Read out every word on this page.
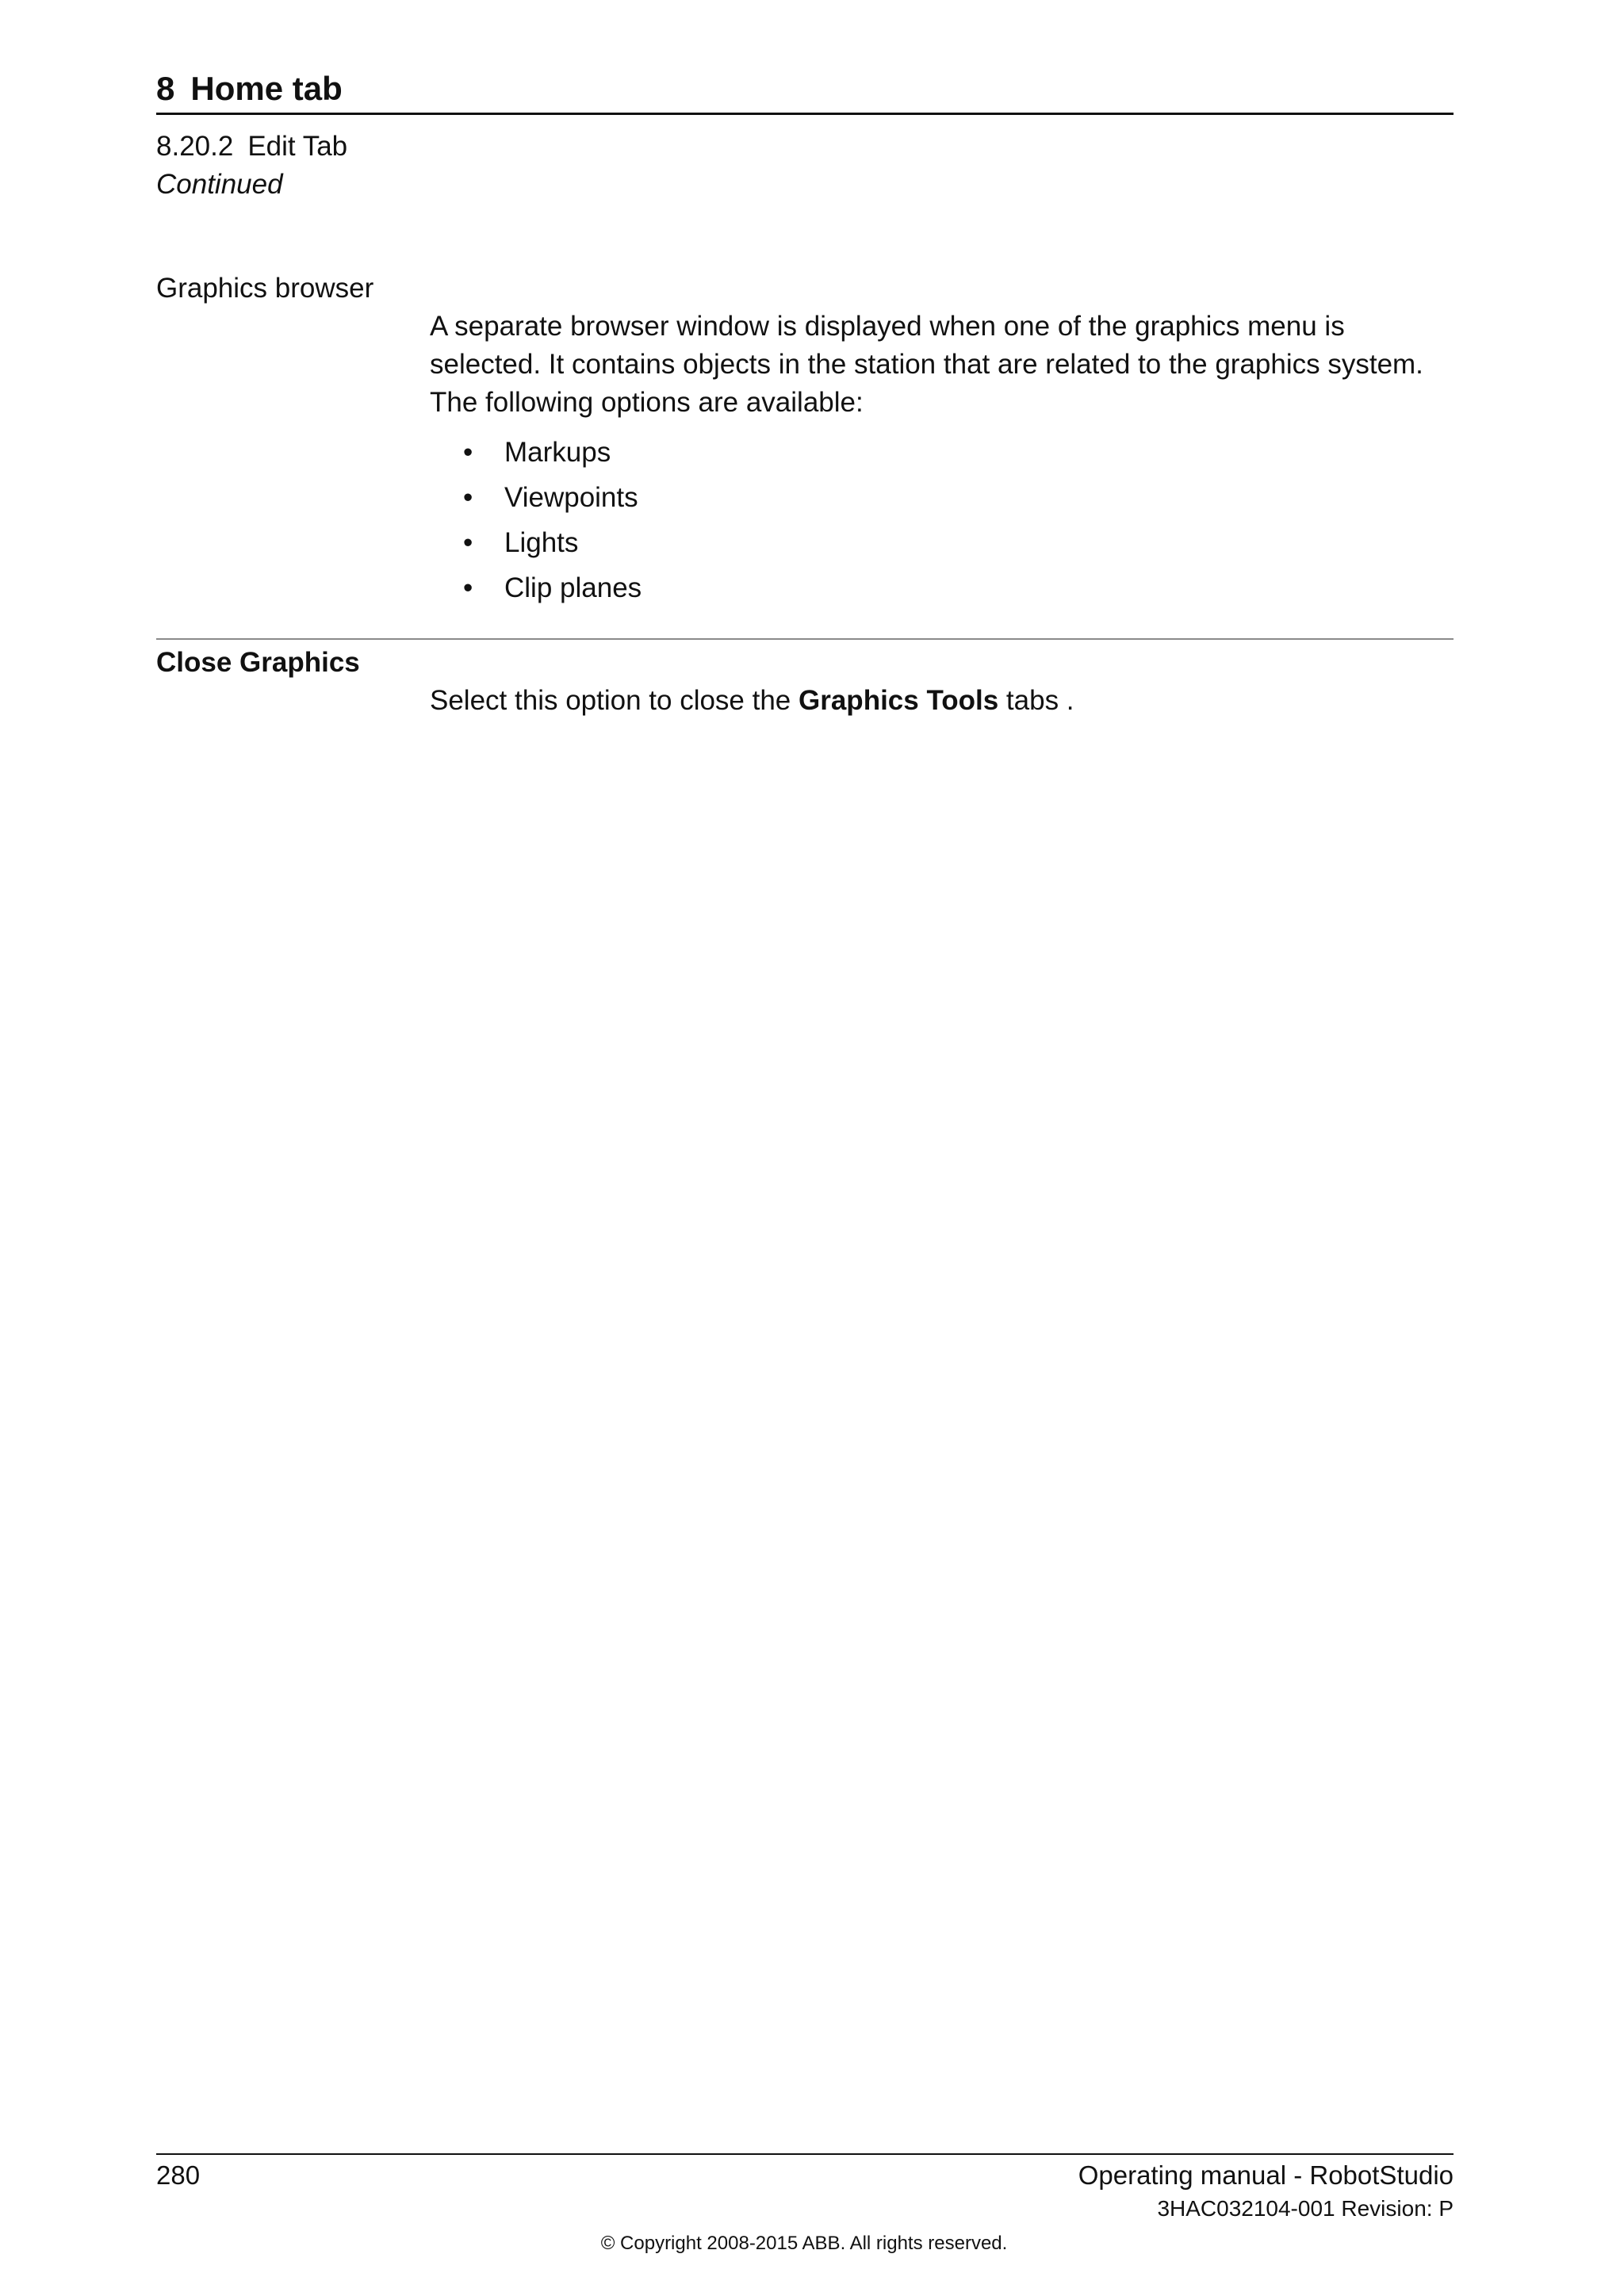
8 Home tab
8.20.2 Edit Tab
Continued
Graphics browser

A separate browser window is displayed when one of the graphics menu is selected. It contains objects in the station that are related to the graphics system. The following options are available:

• Markups
• Viewpoints
• Lights
• Clip planes
Close Graphics

Select this option to close the Graphics Tools tabs .

280	Operating manual - RobotStudio
3HAC032104-001 Revision: P
© Copyright 2008-2015 ABB. All rights reserved.
